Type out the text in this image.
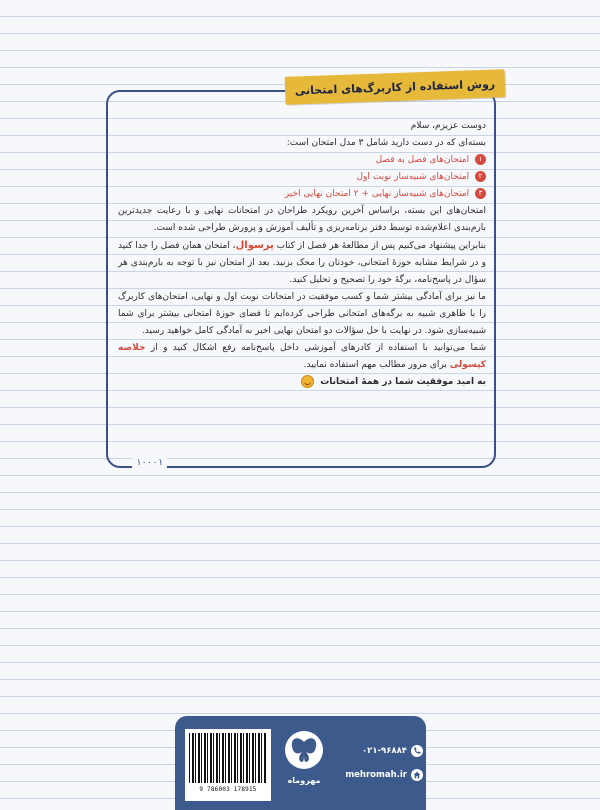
روش استفاده از کاربرگ‌های امتحانی

دوست عزیزم، سلام

بسته‌ای که در دست دارید شامل ۳ مدل امتحان است:

۱ امتحان‌های فصل به فصل

۲ امتحان‌های شبیه‌ساز نوبت اول

۳ امتحان‌های شبیه‌ساز نهایی + ۲ امتحان نهایی اخیر

امتحان‌های این بسته، براساس آخرین رویکرد طراحان در امتحانات نهایی و با رعایت جدیدترین بارم‌بندی اعلام‌شده توسط دفتر برنامه‌ریزی و تألیف آموزش و پرورش طراحی شده است.

بنابراین پیشنهاد می‌کنیم پس از مطالعهٔ هر فصل از کتاب پرسوال، امتحان همان فصل را جدا کنید و در شرایط مشابه حوزهٔ امتحانی، خودتان را محک بزنید. بعد از امتحان نیز با توجه به بارم‌بندی هر سؤال در پاسخ‌نامه، برگهٔ خود را تصحیح و تحلیل کنید.

ما نیز برای آمادگی بیشتر شما و کسب موفقیت در امتحانات نوبت اول و نهایی، امتحان‌های کاربرگ را با ظاهری شبیه به برگه‌های امتحانی طراحی کرده‌ایم تا فضای حوزهٔ امتحانی بیشتر برای شما شبیه‌سازی شود. در نهایت با حل سؤالات دو امتحان نهایی اخیر به آمادگی کامل خواهید رسید.

شما می‌توانید با استفاده از کادرهای آموزشی داخل پاسخ‌نامه رفع اشکال کنید و از خلاصه کپسولی برای مرور مطالب مهم استفاده نمایید.

به امید موفقیت شما در همهٔ امتحانات

۱۰۰۰۱
9 786003 178915
مهروماه
۰۲۱-۹۶۸۸۴
mehromah.ir
